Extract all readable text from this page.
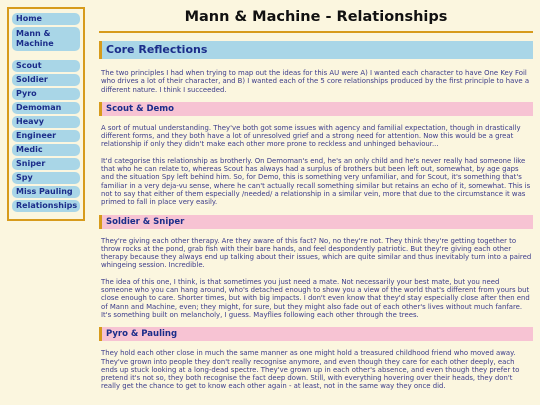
Home
Mann & Machine
Scout
Soldier
Pyro
Demoman
Heavy
Engineer
Medic
Sniper
Spy
Miss Pauling
Relationships
Mann & Machine - Relationships
Core Reflections

The two principles I had when trying to map out the ideas for this AU were A) I wanted each character to have One Key Foil who drives a lot of their character, and B) I wanted each of the 5 core relationships produced by the first principle to have a different nature. I think I succeeded.

Scout & Demo

A sort of mutual understanding. They've both got some issues with agency and familial expectation, though in drastically different forms, and they both have a lot of unresolved grief and a strong need for attention. Now this would be a great relationship if only they didn't make each other more prone to reckless and unhinged behaviour...

It'd categorise this relationship as brotherly. On Demoman's end, he's an only child and he's never really had someone like that who he can relate to, whereas Scout has always had a surplus of brothers but been left out, somewhat, by age gaps and the situation Spy left behind him. So, for Demo, this is something very unfamiliar, and for Scout, it's something that's familiar in a very deja-vu sense, where he can't actually recall something similar but retains an echo of it, somewhat. This is not to say that either of them especially /needed/ a relationship in a similar vein, more that due to the circumstance it was primed to fall in place very easily.

Soldier & Sniper

They're giving each other therapy. Are they aware of this fact? No, no they're not. They think they're getting together to throw rocks at the pond, grab fish with their bare hands, and feel despondently patriotic. But they're giving each other therapy because they always end up talking about their issues, which are quite similar and thus inevitably turn into a paired whingeing session. Incredible.

The idea of this one, I think, is that sometimes you just need a mate. Not necessarily your best mate, but you need someone who you can hang around, who's detached enough to show you a view of the world that's different from yours but close enough to care. Shorter times, but with big impacts. I don't even know that they'd stay especially close after then end of Mann and Machine, even; they might, for sure, but they might also fade out of each other's lives without much fanfare. It's something built on melancholy, I guess. Mayflies following each other through the trees.

Pyro & Pauling

They hold each other close in much the same manner as one might hold a treasured childhood friend who moved away. They've grown into people they don't really recognise anymore, and even though they care for each other deeply, each ends up stuck looking at a long-dead spectre. They've grown up in each other's absence, and even though they prefer to pretend it's not so, they both recognise the fact deep down. Still, with everything hovering over their heads, they don't really get the chance to get to know each other again - at least, not in the same way they once did.
